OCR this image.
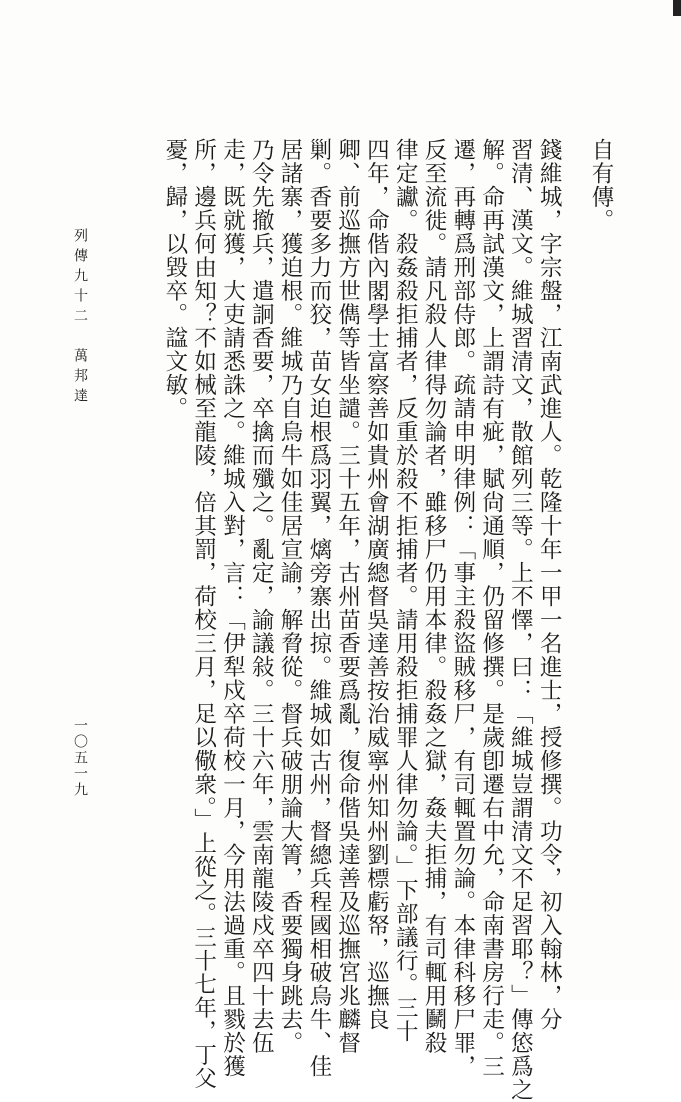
自有傳。

錢維城，字宗盤，江南武進人。乾隆十年一甲一名進士，授修撰。功令，初入翰林，分

習清、漢文。維城習清文，散館列三等。上不懌，曰：「維城豈謂清文不足習耶？」傳㥋爲之

解。命再試漢文，上謂詩有疵，賦尙通順，仍留修撰。是歲卽遷右中允，命南書房行走。三

遷，再轉爲刑部侍郎。疏請申明律例：「事主殺盜賊移尸，有司輒置勿論。本律科移尸罪，

反至流徙。請凡殺人律得勿論者，雖移尸仍用本律。殺姦之獄，姦夫拒捕，有司輒用鬭殺

律定讞。殺姦殺拒捕者，反重於殺不拒捕者。請用殺拒捕罪人律勿論。」下部議行。三十

四年，命偕內閣學士富察善如貴州會湖廣總督吳達善按治威寧州知州劉標虧帑，巡撫良

卿、前巡撫方世儁等皆坐譴。三十五年，古州苗香要爲亂，復命偕吳達善及巡撫宮兆麟督

剿。香要多力而狡，苗女迫根爲羽翼，㷰旁寨出掠。維城如古州，督總兵程國相破烏牛、佳

居諸寨，獲迫根。維城乃自烏牛如佳居宣諭，解脅從。督兵破朋論大箐，香要獨身跳去。

乃令先撤兵，遣詗香要，卒擒而殲之。亂定，諭議敍。三十六年，雲南龍陵戍卒四十去伍

走，既就獲，大吏請悉誅之。維城入對，言：「伊犁戍卒荷校一月，今用法過重。且戮於獲

所，邊兵何由知？不如械至龍陵，倍其罰，荷校三月，足以儆衆。」上從之。三十七年，丁父

憂，歸，以毀卒。諡文敏。

列傳九十二　萬邦達
一〇五一九
